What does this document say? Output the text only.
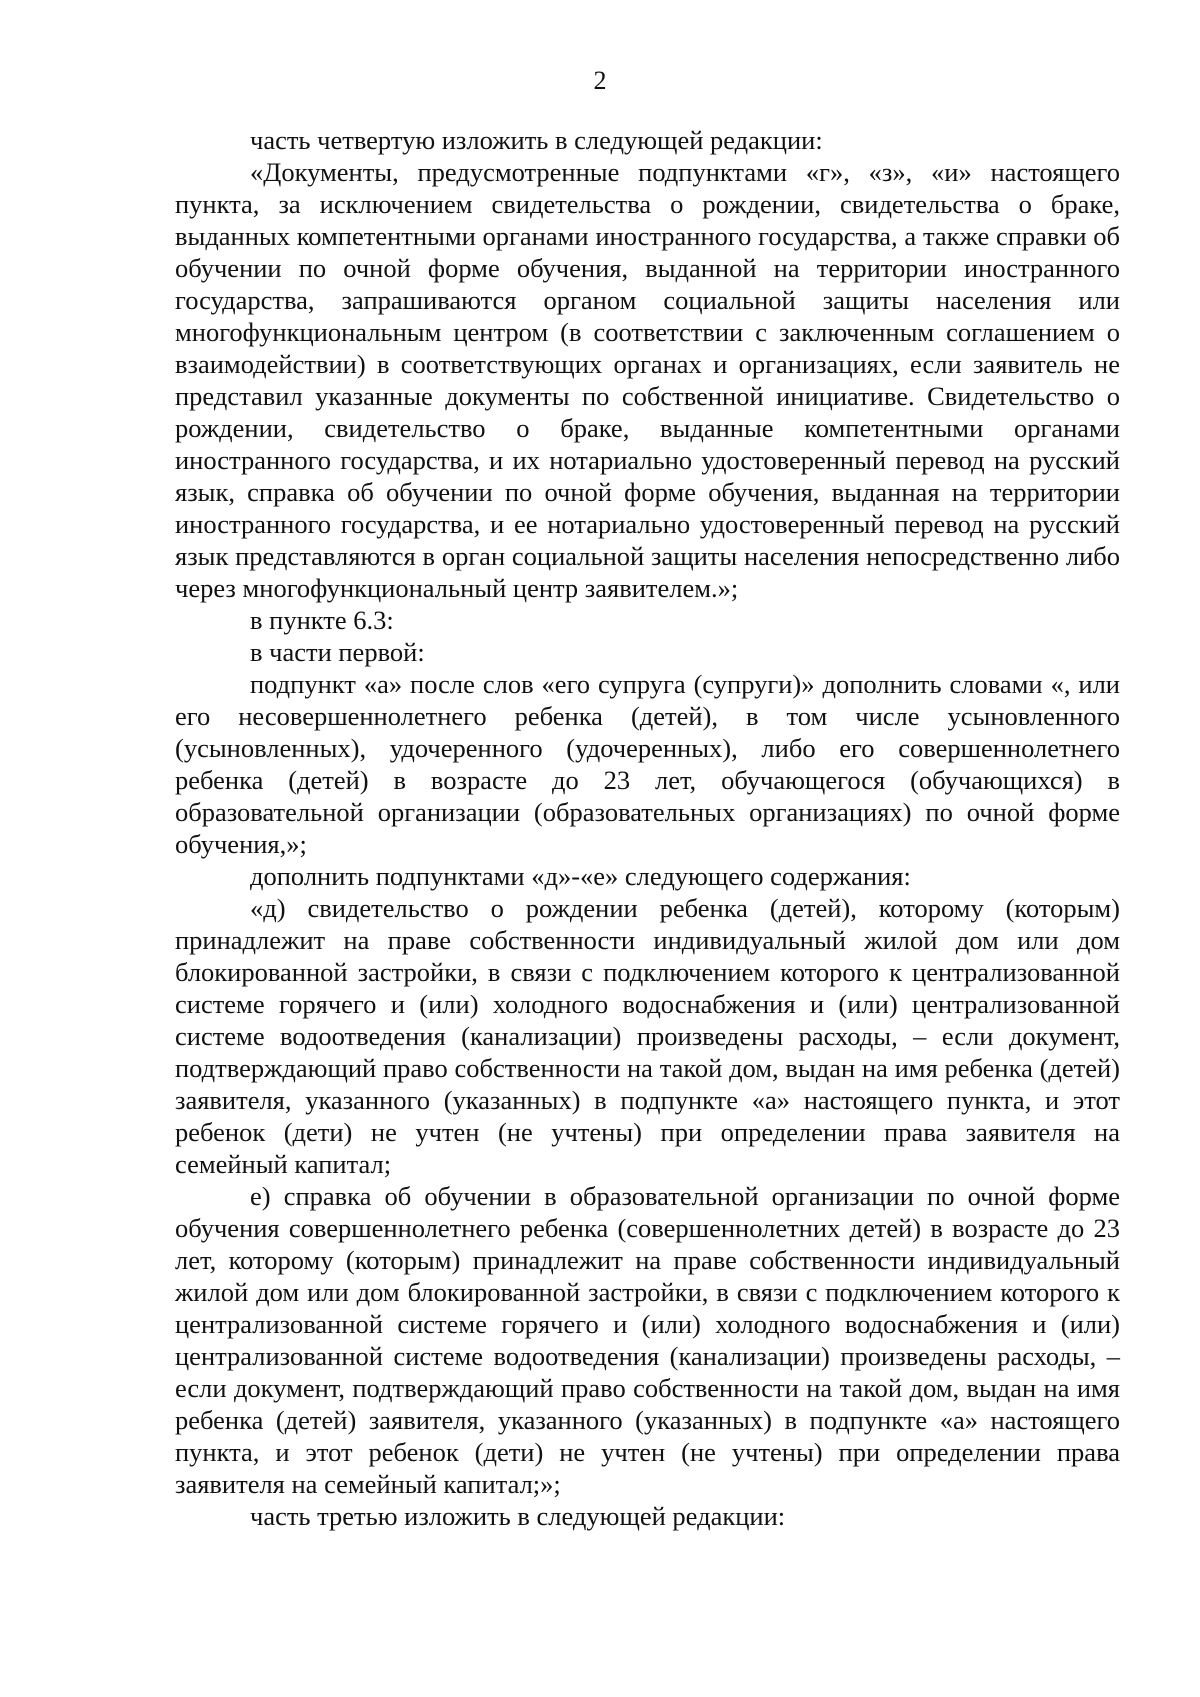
2

часть четвертую изложить в следующей редакции:

«Документы, предусмотренные подпунктами «г», «з», «и» настоящего пункта, за исключением свидетельства о рождении, свидетельства о браке, выданных компетентными органами иностранного государства, а также справки об обучении по очной форме обучения, выданной на территории иностранного государства, запрашиваются органом социальной защиты населения или многофункциональным центром (в соответствии с заключенным соглашением о взаимодействии) в соответствующих органах и организациях, если заявитель не представил указанные документы по собственной инициативе. Свидетельство о рождении, свидетельство о браке, выданные компетентными органами иностранного государства, и их нотариально удостоверенный перевод на русский язык, справка об обучении по очной форме обучения, выданная на территории иностранного государства, и ее нотариально удостоверенный перевод на русский язык представляются в орган социальной защиты населения непосредственно либо через многофункциональный центр заявителем.»;

в пункте 6.3:

в части первой:

подпункт «а» после слов «его супруга (супруги)» дополнить словами «, или его несовершеннолетнего ребенка (детей), в том числе усыновленного (усыновленных), удочеренного (удочеренных), либо его совершеннолетнего ребенка (детей) в возрасте до 23 лет, обучающегося (обучающихся) в образовательной организации (образовательных организациях) по очной форме обучения,»;

дополнить подпунктами «д»-«е» следующего содержания:

«д) свидетельство о рождении ребенка (детей), которому (которым) принадлежит на праве собственности индивидуальный жилой дом или дом блокированной застройки, в связи с подключением которого к централизованной системе горячего и (или) холодного водоснабжения и (или) централизованной системе водоотведения (канализации) произведены расходы, – если документ, подтверждающий право собственности на такой дом, выдан на имя ребенка (детей) заявителя, указанного (указанных) в подпункте «а» настоящего пункта, и этот ребенок (дети) не учтен (не учтены) при определении права заявителя на семейный капитал;

е) справка об обучении в образовательной организации по очной форме обучения совершеннолетнего ребенка (совершеннолетних детей) в возрасте до 23 лет, которому (которым) принадлежит на праве собственности индивидуальный жилой дом или дом блокированной застройки, в связи с подключением которого к централизованной системе горячего и (или) холодного водоснабжения и (или) централизованной системе водоотведения (канализации) произведены расходы, – если документ, подтверждающий право собственности на такой дом, выдан на имя ребенка (детей) заявителя, указанного (указанных) в подпункте «а» настоящего пункта, и этот ребенок (дети) не учтен (не учтены) при определении права заявителя на семейный капитал;»;

часть третью изложить в следующей редакции:
